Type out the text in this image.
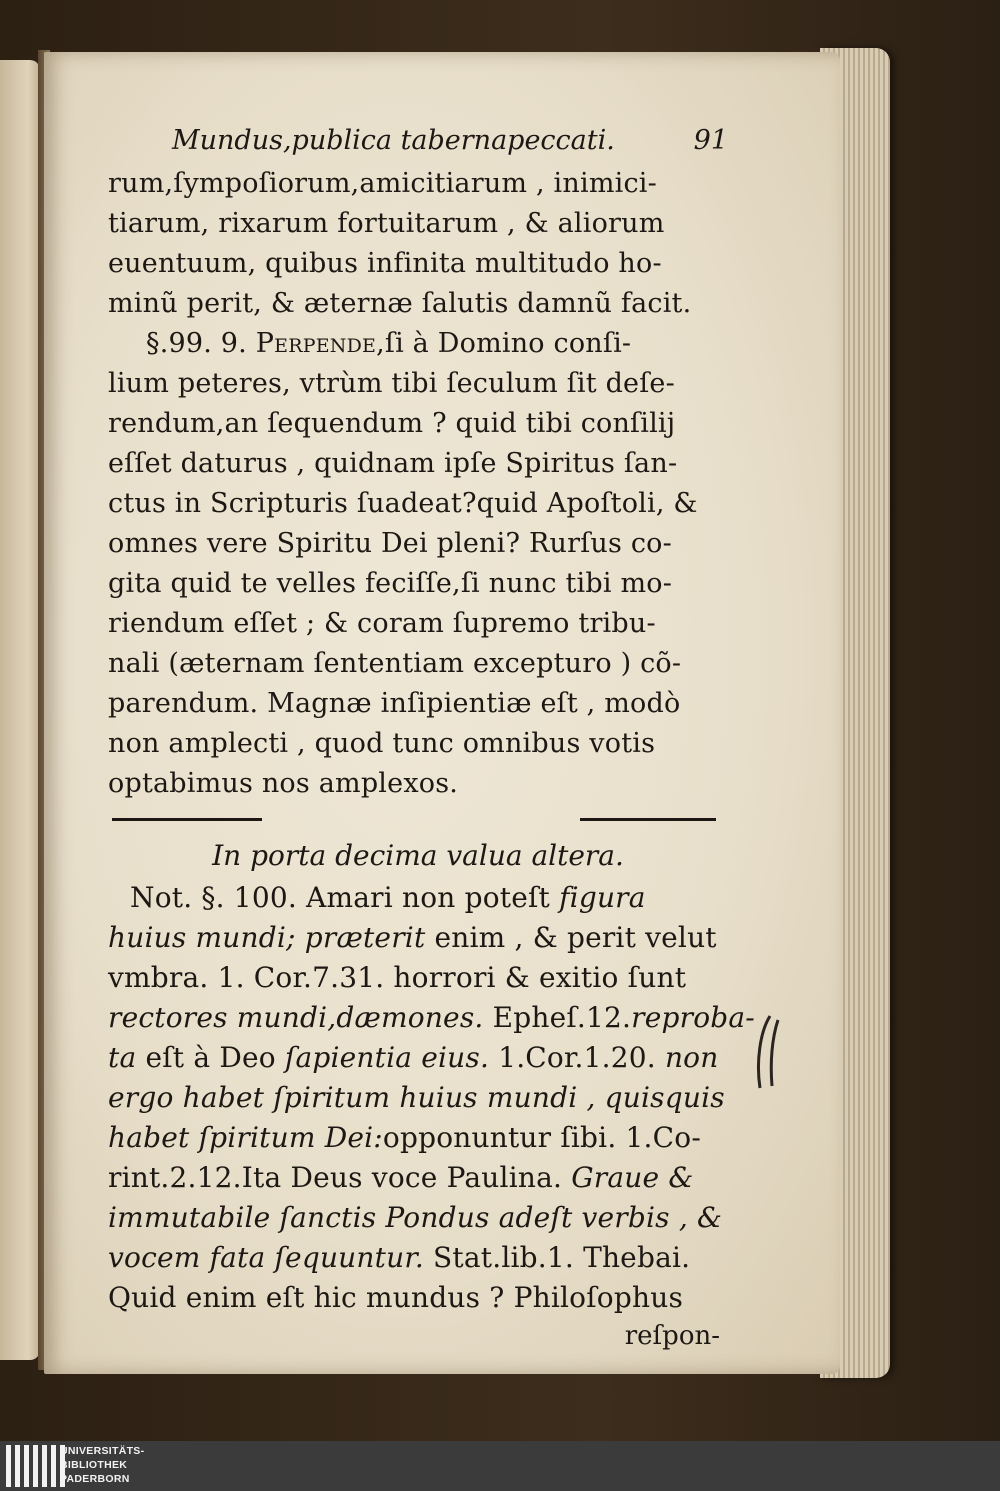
Mundus,publica tabernapeccati.	91
rum,ſympoſiorum,amicitiarum , inimici-
tiarum, rixarum fortuitarum , & aliorum
euentuum, quibus infinita multitudo ho-
minũ perit, & æternæ ſalutis damnũ facit.
§.99. 9. Perpende,ſi à Domino conſi-
lium peteres, vtrùm tibi ſeculum ſit deſe-
rendum,an ſequendum ? quid tibi conſilij
eſſet daturus , quidnam ipſe Spiritus ſan-
ctus in Scripturis ſuadeat?quid Apoſtoli, &
omnes vere Spiritu Dei pleni? Rurſus co-
gita quid te velles feciſſe,ſi nunc tibi mo-
riendum eſſet ; & coram ſupremo tribu-
nali (æternam ſententiam excepturo ) cõ-
parendum. Magnæ inſipientiæ eſt , modò
non amplecti , quod tunc omnibus votis
optabimus nos amplexos.
In porta decima valua altera.
Not. §. 100. Amari non poteſt figura
huius mundi; præterit enim , & perit velut
vmbra. 1. Cor.7.31. horrori & exitio ſunt
rectores mundi,dæmones. Epheſ.12.reproba-
ta eſt à Deo ſapientia eius. 1.Cor.1.20. non
ergo habet ſpiritum huius mundi , quisquis
habet ſpiritum Dei:opponuntur ſibi. 1.Co-
rint.2.12.Ita Deus voce Paulina. Graue &
immutabile ſanctis Pondus adeſt verbis , &
vocem fata ſequuntur. Stat.lib.1. Thebai.
Quid enim eſt hic mundus ? Philoſophus
reſpon-
UNIVERSITÄTS-
BIBLIOTHEK
PADERBORN
